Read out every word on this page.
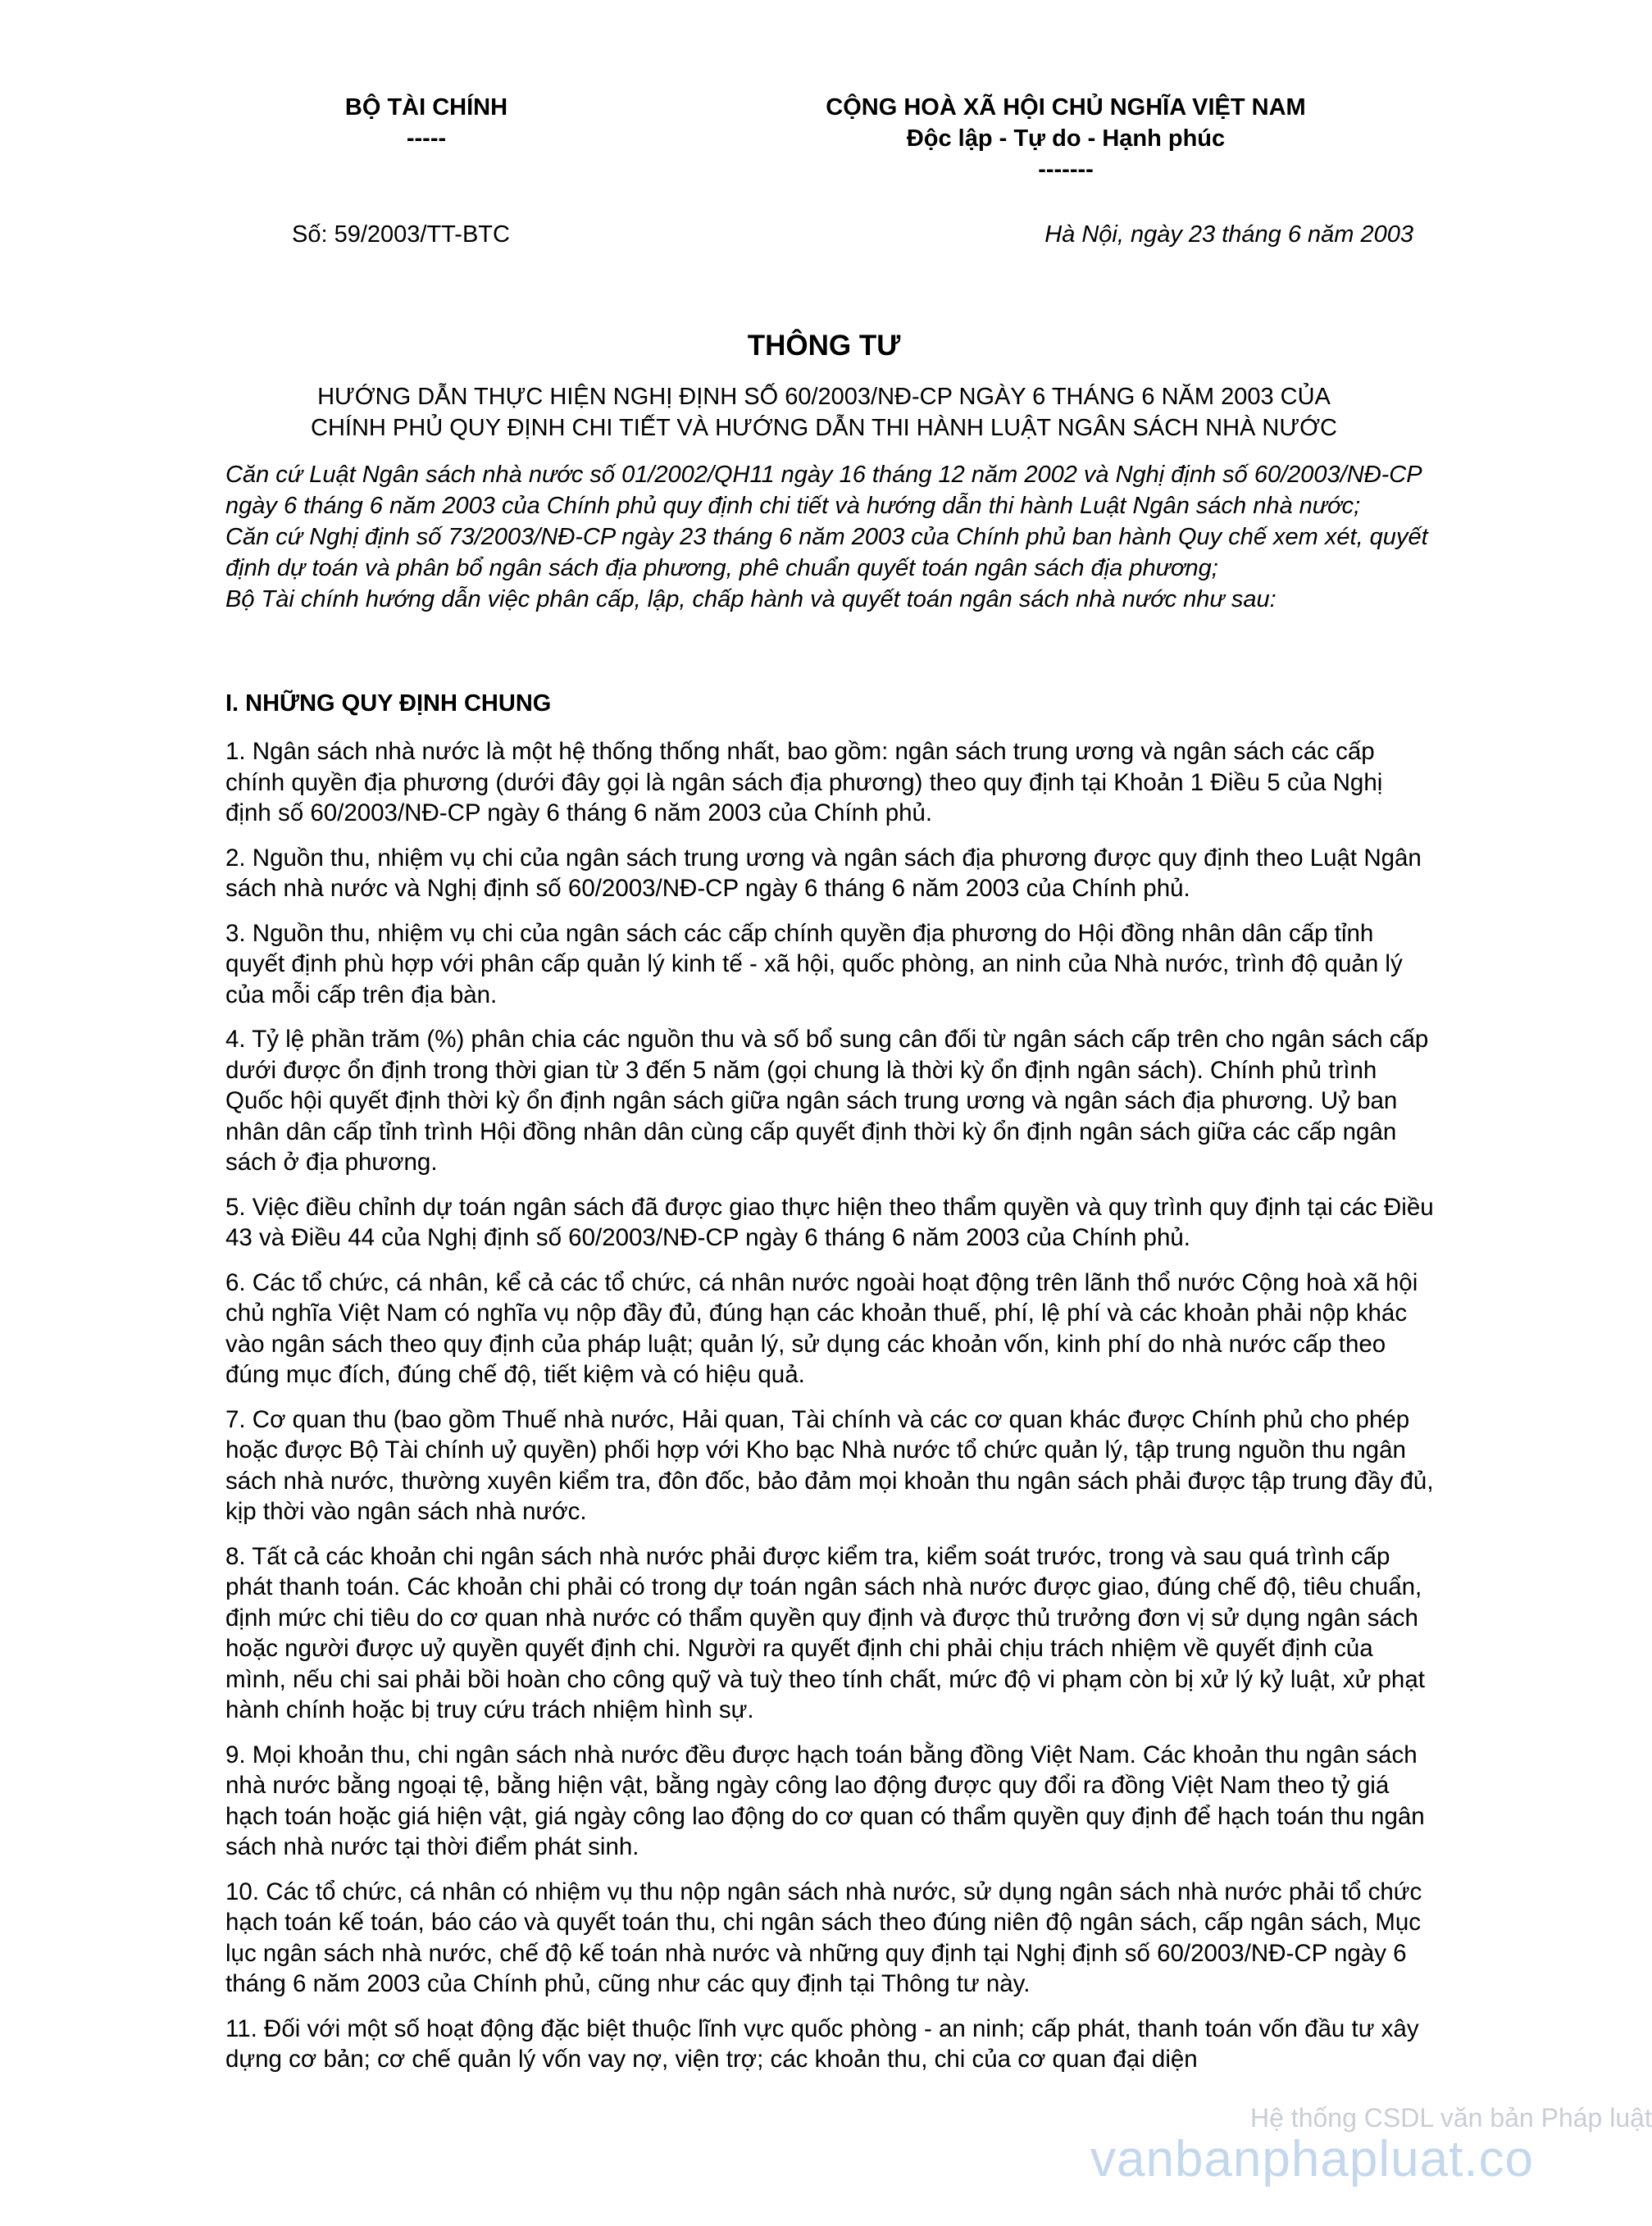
BỘ TÀI CHÍNH
-----
CỘNG HOÀ XÃ HỘI CHỦ NGHĨA VIỆT NAM
Độc lập - Tự do - Hạnh phúc
-------
Số: 59/2003/TT-BTC	Hà Nội, ngày 23 tháng 6 năm 2003
THÔNG TƯ
HƯỚNG DẪN THỰC HIỆN NGHỊ ĐỊNH SỐ 60/2003/NĐ-CP NGÀY 6 THÁNG 6 NĂM 2003 CỦA
CHÍNH PHỦ QUY ĐỊNH CHI TIẾT VÀ HƯỚNG DẪN THI HÀNH LUẬT NGÂN SÁCH NHÀ NƯỚC

Căn cứ Luật Ngân sách nhà nước số 01/2002/QH11 ngày 16 tháng 12 năm 2002 và Nghị định số 60/2003/NĐ-CP ngày 6 tháng 6 năm 2003 của Chính phủ quy định chi tiết và hướng dẫn thi hành Luật Ngân sách nhà nước;

Căn cứ Nghị định số 73/2003/NĐ-CP ngày 23 tháng 6 năm 2003 của Chính phủ ban hành Quy chế xem xét, quyết định dự toán và phân bổ ngân sách địa phương, phê chuẩn quyết toán ngân sách địa phương;

Bộ Tài chính hướng dẫn việc phân cấp, lập, chấp hành và quyết toán ngân sách nhà nước như sau:

I. NHỮNG QUY ĐỊNH CHUNG

1. Ngân sách nhà nước là một hệ thống thống nhất, bao gồm: ngân sách trung ương và ngân sách các cấp chính quyền địa phương (dưới đây gọi là ngân sách địa phương) theo quy định tại Khoản 1 Điều 5 của Nghị định số 60/2003/NĐ-CP ngày 6 tháng 6 năm 2003 của Chính phủ.

2. Nguồn thu, nhiệm vụ chi của ngân sách trung ương và ngân sách địa phương được quy định theo Luật Ngân sách nhà nước và Nghị định số 60/2003/NĐ-CP ngày 6 tháng 6 năm 2003 của Chính phủ.

3. Nguồn thu, nhiệm vụ chi của ngân sách các cấp chính quyền địa phương do Hội đồng nhân dân cấp tỉnh quyết định phù hợp với phân cấp quản lý kinh tế - xã hội, quốc phòng, an ninh của Nhà nước, trình độ quản lý của mỗi cấp trên địa bàn.

4. Tỷ lệ phần trăm (%) phân chia các nguồn thu và số bổ sung cân đối từ ngân sách cấp trên cho ngân sách cấp dưới được ổn định trong thời gian từ 3 đến 5 năm (gọi chung là thời kỳ ổn định ngân sách). Chính phủ trình Quốc hội quyết định thời kỳ ổn định ngân sách giữa ngân sách trung ương và ngân sách địa phương. Uỷ ban nhân dân cấp tỉnh trình Hội đồng nhân dân cùng cấp quyết định thời kỳ ổn định ngân sách giữa các cấp ngân sách ở địa phương.

5. Việc điều chỉnh dự toán ngân sách đã được giao thực hiện theo thẩm quyền và quy trình quy định tại các Điều 43 và Điều 44 của Nghị định số 60/2003/NĐ-CP ngày 6 tháng 6 năm 2003 của Chính phủ.

6. Các tổ chức, cá nhân, kể cả các tổ chức, cá nhân nước ngoài hoạt động trên lãnh thổ nước Cộng hoà xã hội chủ nghĩa Việt Nam có nghĩa vụ nộp đầy đủ, đúng hạn các khoản thuế, phí, lệ phí và các khoản phải nộp khác vào ngân sách theo quy định của pháp luật; quản lý, sử dụng các khoản vốn, kinh phí do nhà nước cấp theo đúng mục đích, đúng chế độ, tiết kiệm và có hiệu quả.

7. Cơ quan thu (bao gồm Thuế nhà nước, Hải quan, Tài chính và các cơ quan khác được Chính phủ cho phép hoặc được Bộ Tài chính uỷ quyền) phối hợp với Kho bạc Nhà nước tổ chức quản lý, tập trung nguồn thu ngân sách nhà nước, thường xuyên kiểm tra, đôn đốc, bảo đảm mọi khoản thu ngân sách phải được tập trung đầy đủ, kịp thời vào ngân sách nhà nước.

8. Tất cả các khoản chi ngân sách nhà nước phải được kiểm tra, kiểm soát trước, trong và sau quá trình cấp phát thanh toán. Các khoản chi phải có trong dự toán ngân sách nhà nước được giao, đúng chế độ, tiêu chuẩn, định mức chi tiêu do cơ quan nhà nước có thẩm quyền quy định và được thủ trưởng đơn vị sử dụng ngân sách hoặc người được uỷ quyền quyết định chi. Người ra quyết định chi phải chịu trách nhiệm về quyết định của mình, nếu chi sai phải bồi hoàn cho công quỹ và tuỳ theo tính chất, mức độ vi phạm còn bị xử lý kỷ luật, xử phạt hành chính hoặc bị truy cứu trách nhiệm hình sự.

9. Mọi khoản thu, chi ngân sách nhà nước đều được hạch toán bằng đồng Việt Nam. Các khoản thu ngân sách nhà nước bằng ngoại tệ, bằng hiện vật, bằng ngày công lao động được quy đổi ra đồng Việt Nam theo tỷ giá hạch toán hoặc giá hiện vật, giá ngày công lao động do cơ quan có thẩm quyền quy định để hạch toán thu ngân sách nhà nước tại thời điểm phát sinh.

10. Các tổ chức, cá nhân có nhiệm vụ thu nộp ngân sách nhà nước, sử dụng ngân sách nhà nước phải tổ chức hạch toán kế toán, báo cáo và quyết toán thu, chi ngân sách theo đúng niên độ ngân sách, cấp ngân sách, Mục lục ngân sách nhà nước, chế độ kế toán nhà nước và những quy định tại Nghị định số 60/2003/NĐ-CP ngày 6 tháng 6 năm 2003 của Chính phủ, cũng như các quy định tại Thông tư này.

11. Đối với một số hoạt động đặc biệt thuộc lĩnh vực quốc phòng - an ninh; cấp phát, thanh toán vốn đầu tư xây dựng cơ bản; cơ chế quản lý vốn vay nợ, viện trợ; các khoản thu, chi của cơ quan đại diện

Hệ thống CSDL văn bản Pháp luật
vanbanphapluat.co
